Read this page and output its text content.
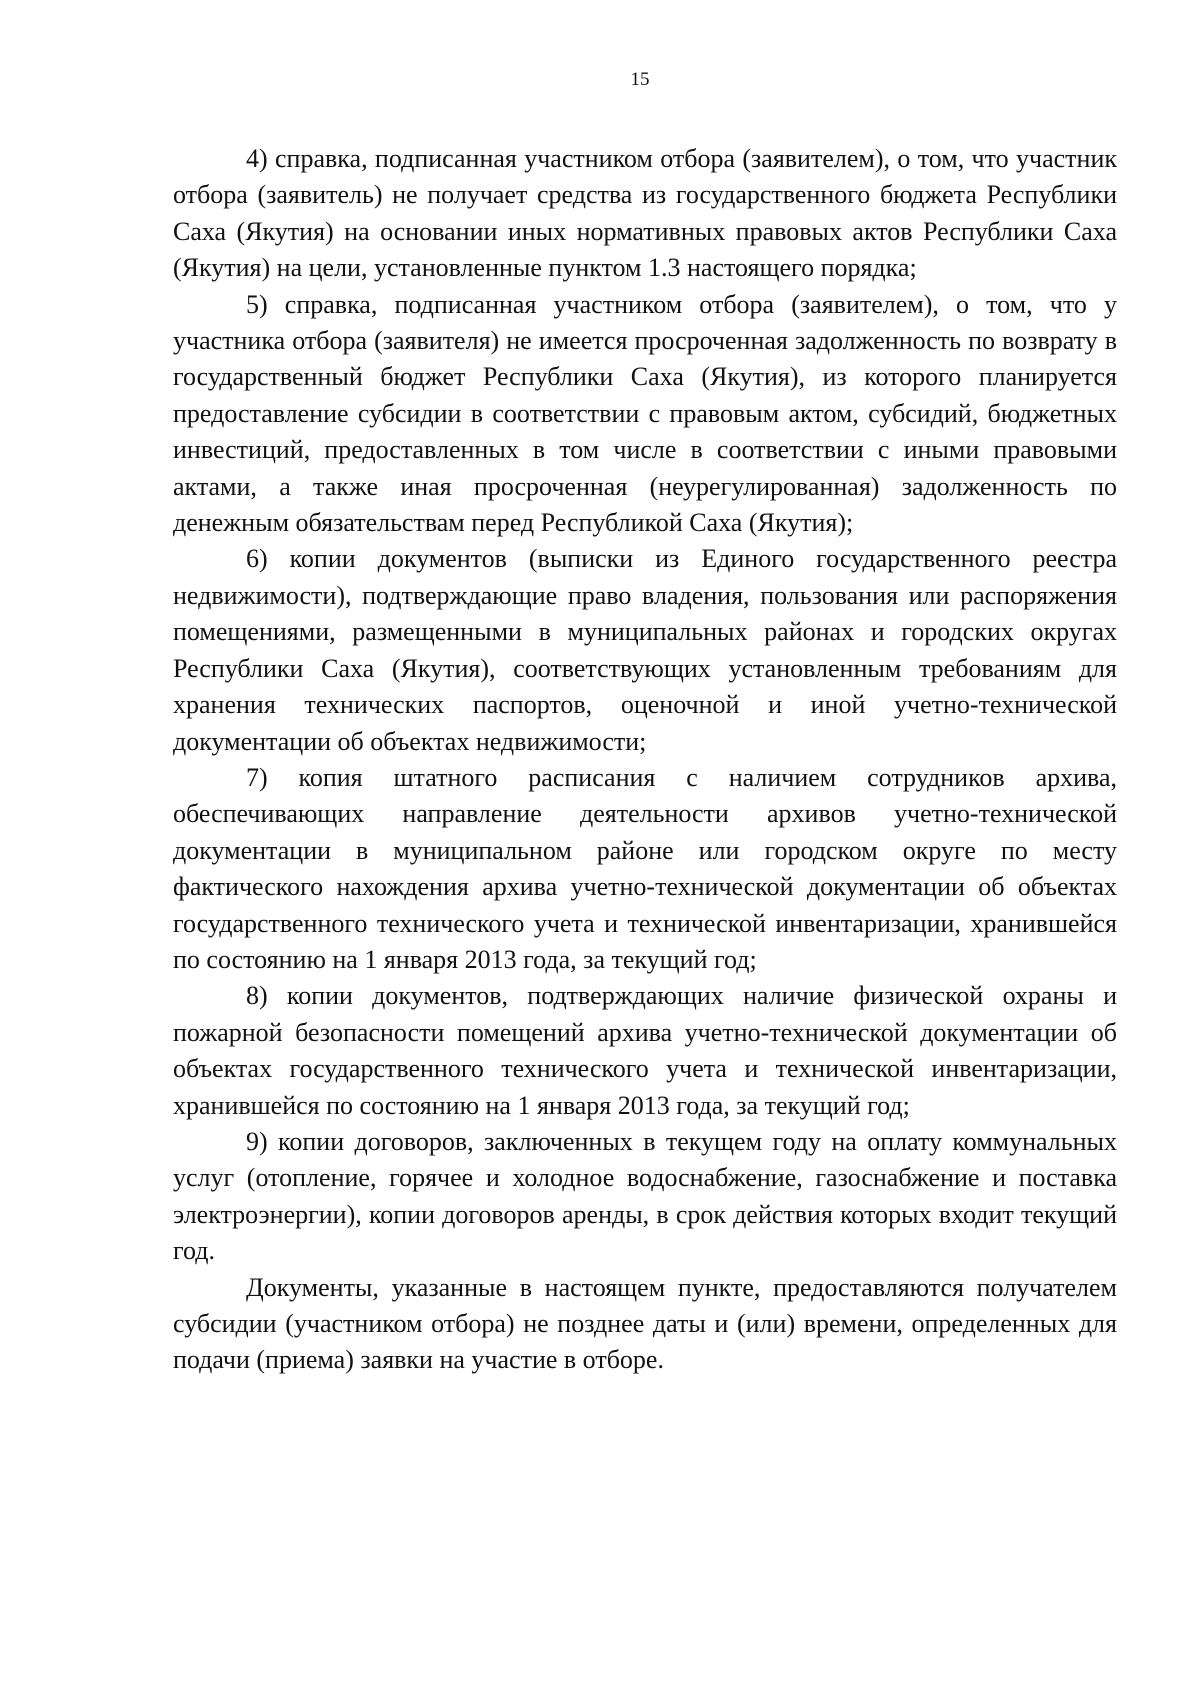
15

4) справка, подписанная участником отбора (заявителем), о том, что участник отбора (заявитель) не получает средства из государственного бюджета Республики Саха (Якутия) на основании иных нормативных правовых актов Республики Саха (Якутия) на цели, установленные пунктом 1.3 настоящего порядка;

5) справка, подписанная участником отбора (заявителем), о том, что у участника отбора (заявителя) не имеется просроченная задолженность по возврату в государственный бюджет Республики Саха (Якутия), из которого планируется предоставление субсидии в соответствии с правовым актом, субсидий, бюджетных инвестиций, предоставленных в том числе в соответствии с иными правовыми актами, а также иная просроченная (неурегулированная) задолженность по денежным обязательствам перед Республикой Саха (Якутия);

6) копии документов (выписки из Единого государственного реестра недвижимости), подтверждающие право владения, пользования или распоряжения помещениями, размещенными в муниципальных районах и городских округах Республики Саха (Якутия), соответствующих установленным требованиям для хранения технических паспортов, оценочной и иной учетно-технической документации об объектах недвижимости;

7) копия штатного расписания с наличием сотрудников архива, обеспечивающих направление деятельности архивов учетно-технической документации в муниципальном районе или городском округе по месту фактического нахождения архива учетно-технической документации об объектах государственного технического учета и технической инвентаризации, хранившейся по состоянию на 1 января 2013 года, за текущий год;

8) копии документов, подтверждающих наличие физической охраны и пожарной безопасности помещений архива учетно-технической документации об объектах государственного технического учета и технической инвентаризации, хранившейся по состоянию на 1 января 2013 года, за текущий год;

9) копии договоров, заключенных в текущем году на оплату коммунальных услуг (отопление, горячее и холодное водоснабжение, газоснабжение и поставка электроэнергии), копии договоров аренды, в срок действия которых входит текущий год.

Документы, указанные в настоящем пункте, предоставляются получателем субсидии (участником отбора) не позднее даты и (или) времени, определенных для подачи (приема) заявки на участие в отборе.
